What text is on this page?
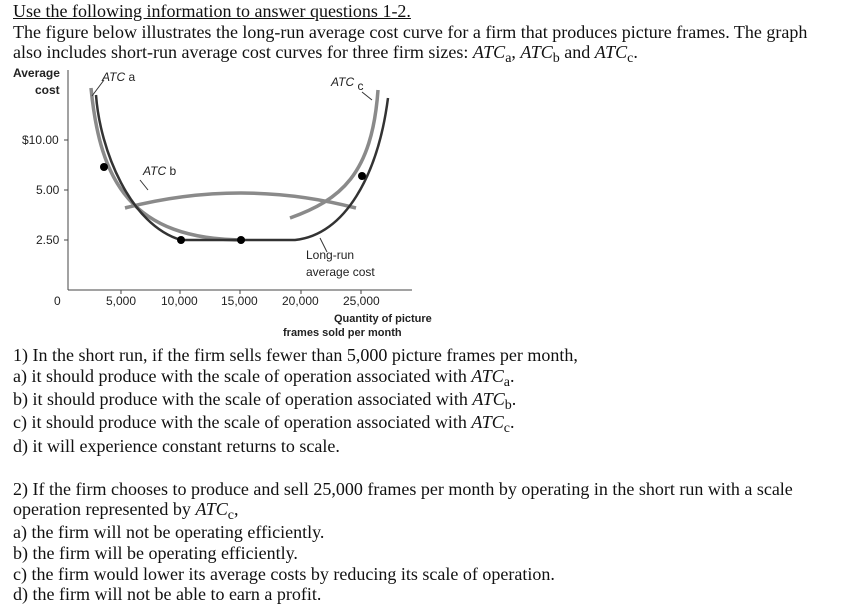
Use the following information to answer questions 1-2.
The figure below illustrates the long-run average cost curve for a firm that produces picture frames. The graph
also includes short-run average cost curves for three firm sizes: $ATC_a$, $ATC_b$ and $ATC_c$.
Average
cost
$10.00
5.00
2.50
0	5,000 10,000 15,000 20,000 25,000
ATC a
ATC b
ATC c
Long-run
average cost
Quantity of picture
frames sold per month
1) In the short run, if the firm sells fewer than 5,000 picture frames per month,
a) it should produce with the scale of operation associated with $ATC_a$.
b) it should produce with the scale of operation associated with $ATC_b$.
c) it should produce with the scale of operation associated with $ATC_c$.
d) it will experience constant returns to scale.
2) If the firm chooses to produce and sell 25,000 frames per month by operating in the short run with a scale
operation represented by $ATC_c$,
a) the firm will not be operating efficiently.
b) the firm will be operating efficiently.
c) the firm would lower its average costs by reducing its scale of operation.
d) the firm will not be able to earn a profit.
